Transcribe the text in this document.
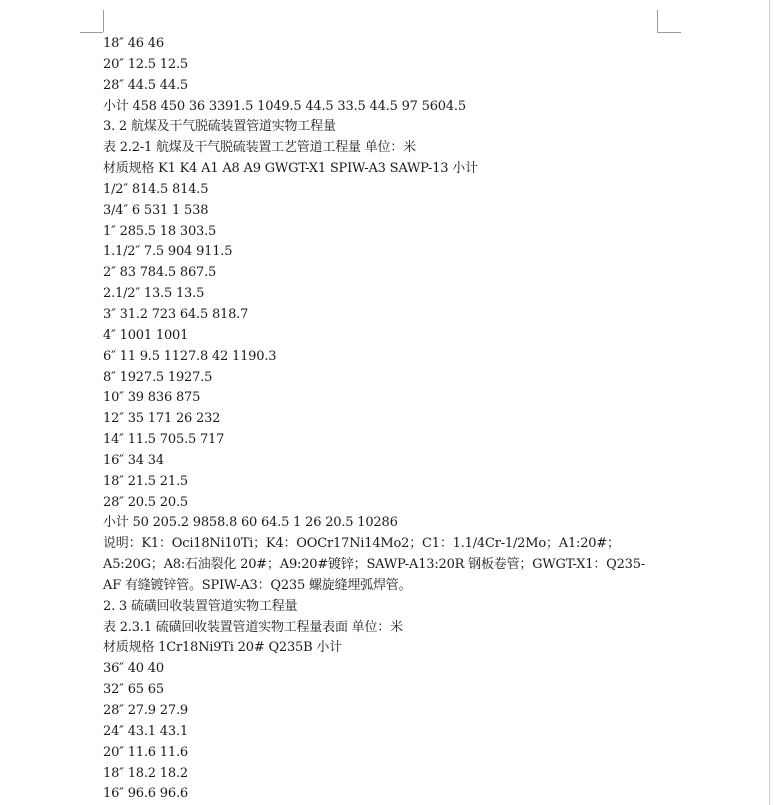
18″ 46 46
20″ 12.5 12.5
28″ 44.5 44.5
小计 458 450 36 3391.5 1049.5 44.5 33.5 44.5 97 5604.5
3. 2 航煤及干气脱硫装置管道实物工程量
表 2.2-1 航煤及干气脱硫装置工艺管道工程量 单位：米
材质规格 K1 K4 A1 A8 A9 GWGT-X1 SPIW-A3 SAWP-13 小计
1/2″ 814.5 814.5
3/4″ 6 531 1 538
1″ 285.5 18 303.5
1.1/2″ 7.5 904 911.5
2″ 83 784.5 867.5
2.1/2″ 13.5 13.5
3″ 31.2 723 64.5 818.7
4″ 1001 1001
6″ 11 9.5 1127.8 42 1190.3
8″ 1927.5 1927.5
10″ 39 836 875
12″ 35 171 26 232
14″ 11.5 705.5 717
16″ 34 34
18″ 21.5 21.5
28″ 20.5 20.5
小计 50 205.2 9858.8 60 64.5 1 26 20.5 10286
说明：K1：Oci18Ni10Ti；K4：OOCr17Ni14Mo2；C1：1.1/4Cr-1/2Mo；A1:20#；A5:20G；A8:石油裂化 20#；A9:20#镀锌；SAWP-A13:20R 钢板卷管；GWGT-X1：Q235-AF 有缝镀锌管。SPIW-A3：Q235 螺旋缝埋弧焊管。
2. 3 硫磺回收装置管道实物工程量
表 2.3.1 硫磺回收装置管道实物工程量表面 单位：米
材质规格 1Cr18Ni9Ti 20# Q235B 小计
36″ 40 40
32″ 65 65
28″ 27.9 27.9
24″ 43.1 43.1
20″ 11.6 11.6
18″ 18.2 18.2
16″ 96.6 96.6
